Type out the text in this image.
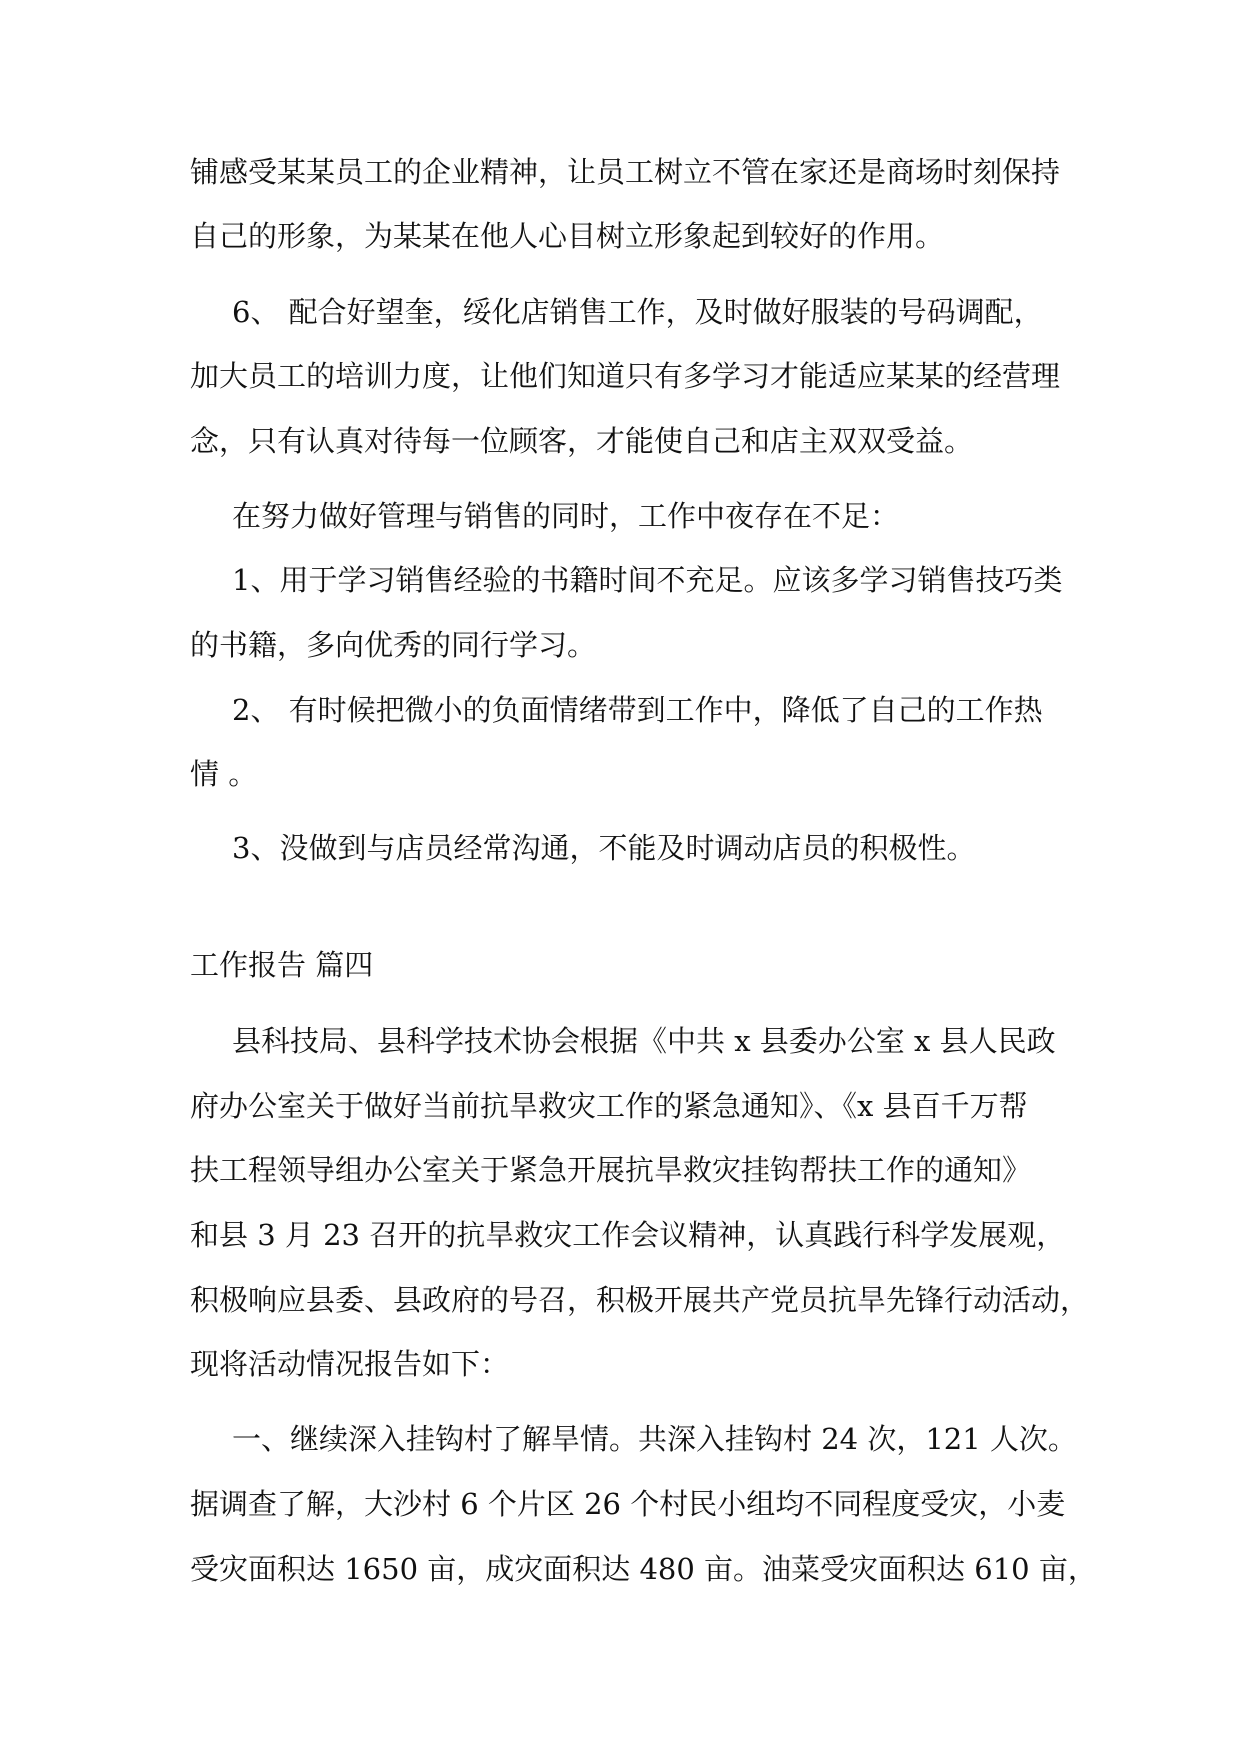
铺感受某某员工的企业精神，让员工树立不管在家还是商场时刻保持
自己的形象，为某某在他人心目树立形象起到较好的作用。
6、 配合好望奎，绥化店销售工作，及时做好服装的号码调配，
加大员工的培训力度，让他们知道只有多学习才能适应某某的经营理
念，只有认真对待每一位顾客，才能使自己和店主双双受益。
在努力做好管理与销售的同时，工作中夜存在不足：
1、用于学习销售经验的书籍时间不充足。应该多学习销售技巧类
的书籍，多向优秀的同行学习。
2、 有时候把微小的负面情绪带到工作中，降低了自己的工作热
情 。
3、没做到与店员经常沟通，不能及时调动店员的积极性。
工作报告 篇四
县科技局、县科学技术协会根据《中共 x 县委办公室 x 县人民政
府办公室关于做好当前抗旱救灾工作的紧急通知》、《x 县百千万帮
扶工程领导组办公室关于紧急开展抗旱救灾挂钩帮扶工作的通知》
和县 3 月 23 召开的抗旱救灾工作会议精神，认真践行科学发展观，
积极响应县委、县政府的号召，积极开展共产党员抗旱先锋行动活动，
现将活动情况报告如下：
一、继续深入挂钩村了解旱情。共深入挂钩村 24 次，121 人次。
据调查了解，大沙村 6 个片区 26 个村民小组均不同程度受灾，小麦
受灾面积达 1650 亩，成灾面积达 480 亩。油菜受灾面积达 610 亩，
